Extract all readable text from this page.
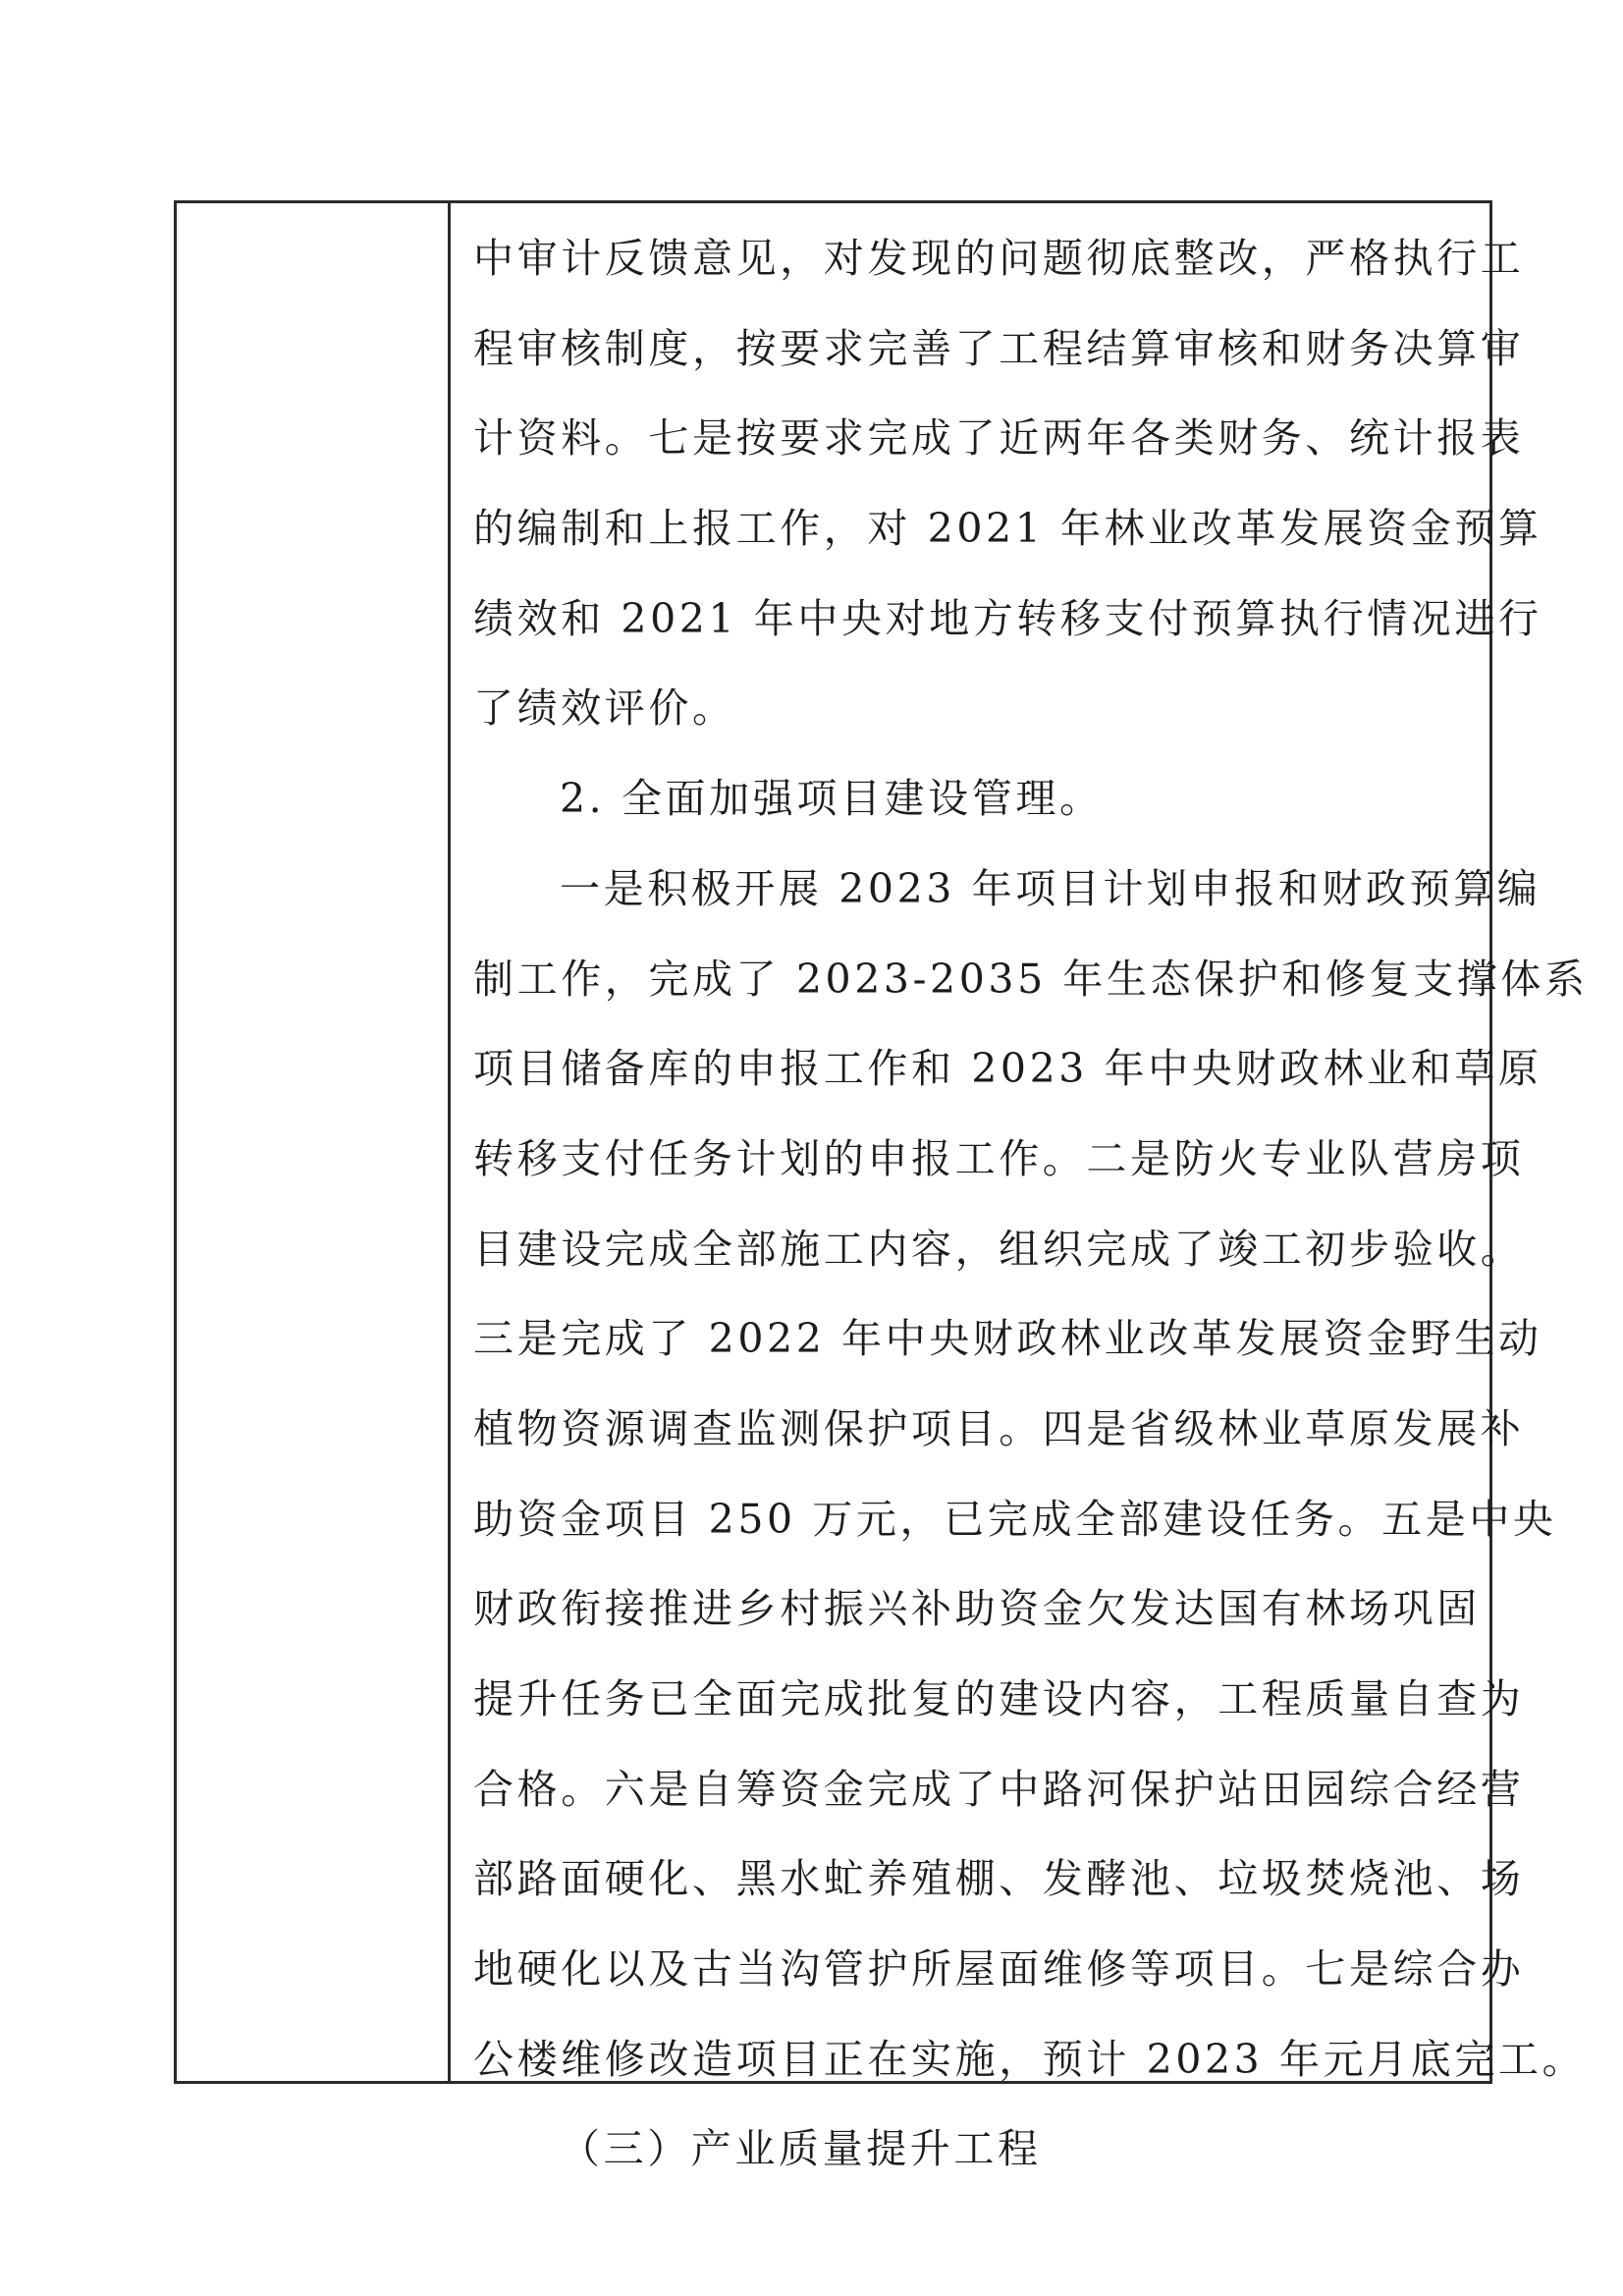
中审计反馈意见，对发现的问题彻底整改，严格执行工
程审核制度，按要求完善了工程结算审核和财务决算审
计资料。七是按要求完成了近两年各类财务、统计报表
的编制和上报工作，对 2021 年林业改革发展资金预算
绩效和 2021 年中央对地方转移支付预算执行情况进行
了绩效评价。
2. 全面加强项目建设管理。
一是积极开展 2023 年项目计划申报和财政预算编
制工作，完成了 2023-2035 年生态保护和修复支撑体系
项目储备库的申报工作和 2023 年中央财政林业和草原
转移支付任务计划的申报工作。二是防火专业队营房项
目建设完成全部施工内容，组织完成了竣工初步验收。
三是完成了 2022 年中央财政林业改革发展资金野生动
植物资源调查监测保护项目。四是省级林业草原发展补
助资金项目 250 万元，已完成全部建设任务。五是中央
财政衔接推进乡村振兴补助资金欠发达国有林场巩固
提升任务已全面完成批复的建设内容，工程质量自查为
合格。六是自筹资金完成了中路河保护站田园综合经营
部路面硬化、黑水虻养殖棚、发酵池、垃圾焚烧池、场
地硬化以及古当沟管护所屋面维修等项目。七是综合办
公楼维修改造项目正在实施，预计 2023 年元月底完工。
（三）产业质量提升工程
